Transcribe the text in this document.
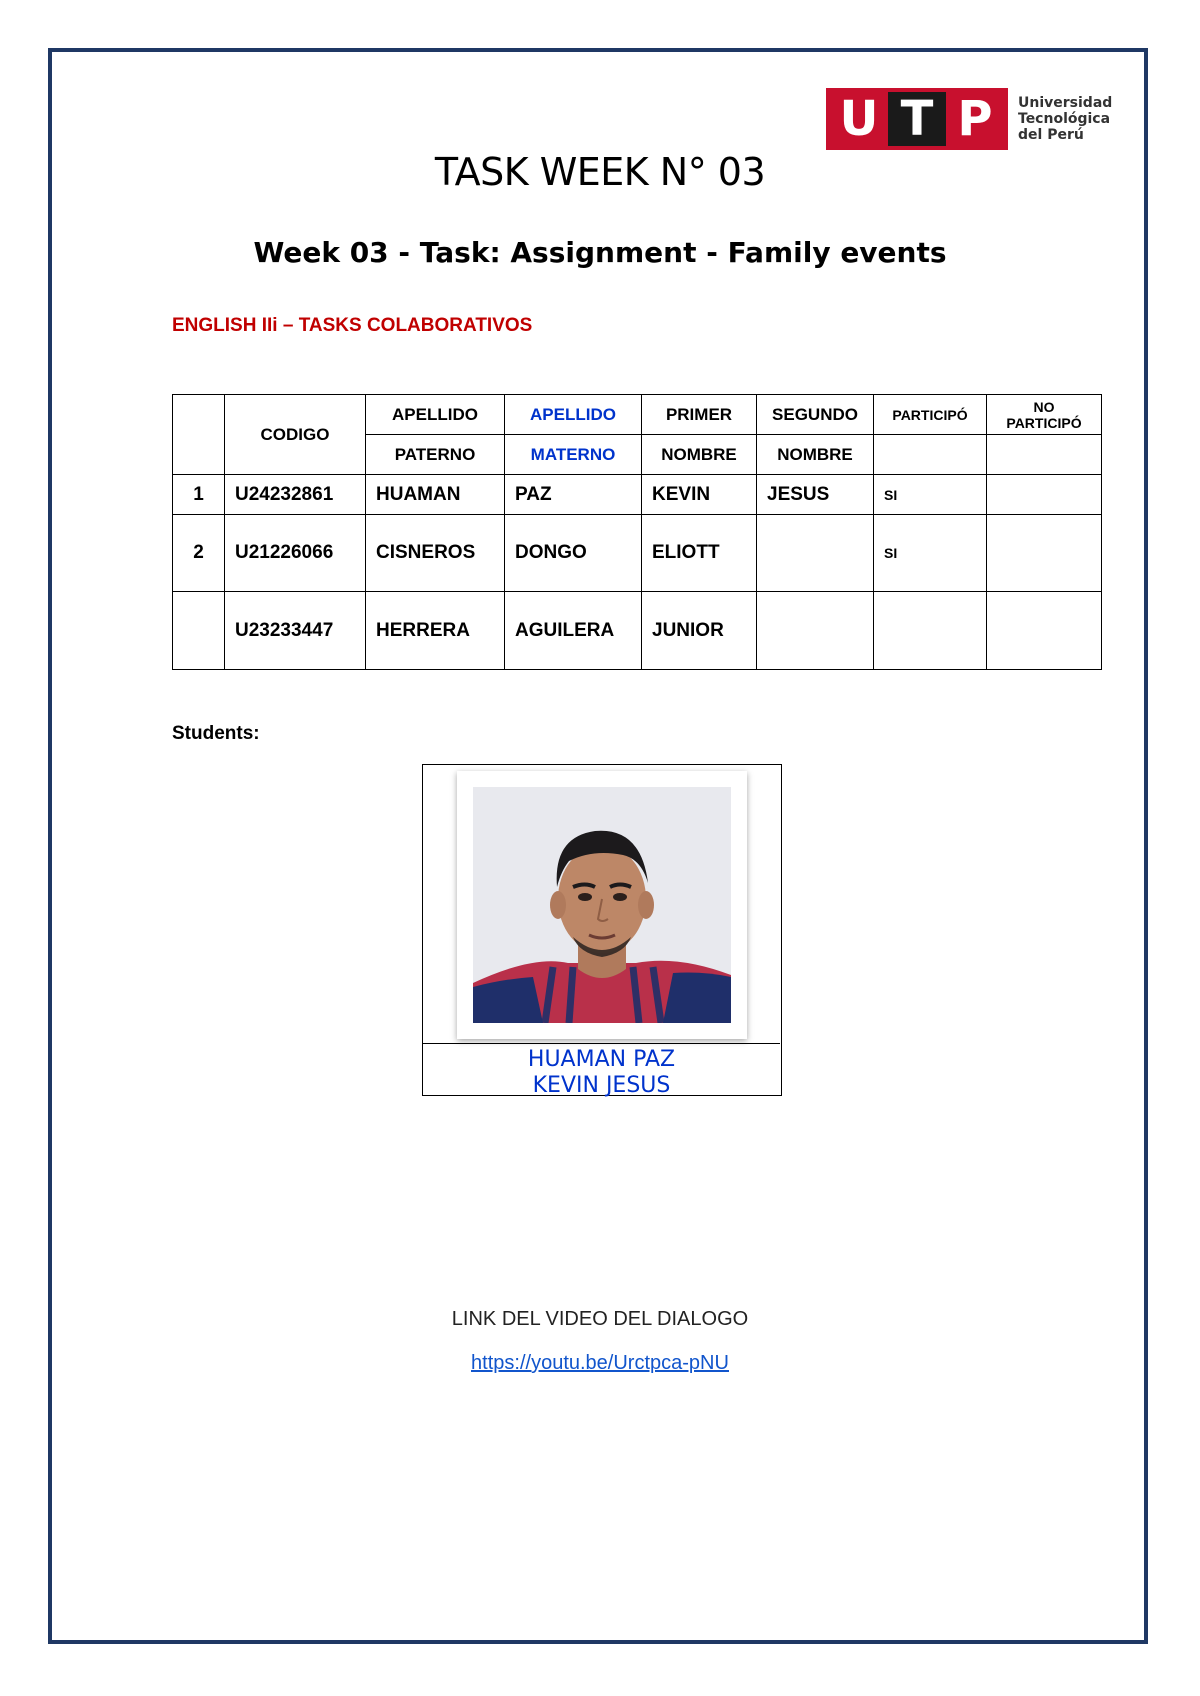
U T P	Universidad
Tecnológica
del Perú
TASK WEEK N° 03
Week 03 - Task: Assignment - Family events
ENGLISH IIi – TASKS COLABORATIVOS
	CODIGO	APELLIDO	APELLIDO	PRIMER	SEGUNDO	PARTICIPÓ	NO PARTICIPÓ
		PATERNO	MATERNO	NOMBRE	NOMBRE		
1	U24232861	HUAMAN	PAZ	KEVIN	JESUS	SI	
2	U21226066	CISNEROS	DONGO	ELIOTT		SI	
	U23233447	HERRERA	AGUILERA	JUNIOR			
Students:
HUAMAN PAZ
KEVIN JESUS
LINK DEL VIDEO DEL DIALOGO
https://youtu.be/Urctpca-pNU
